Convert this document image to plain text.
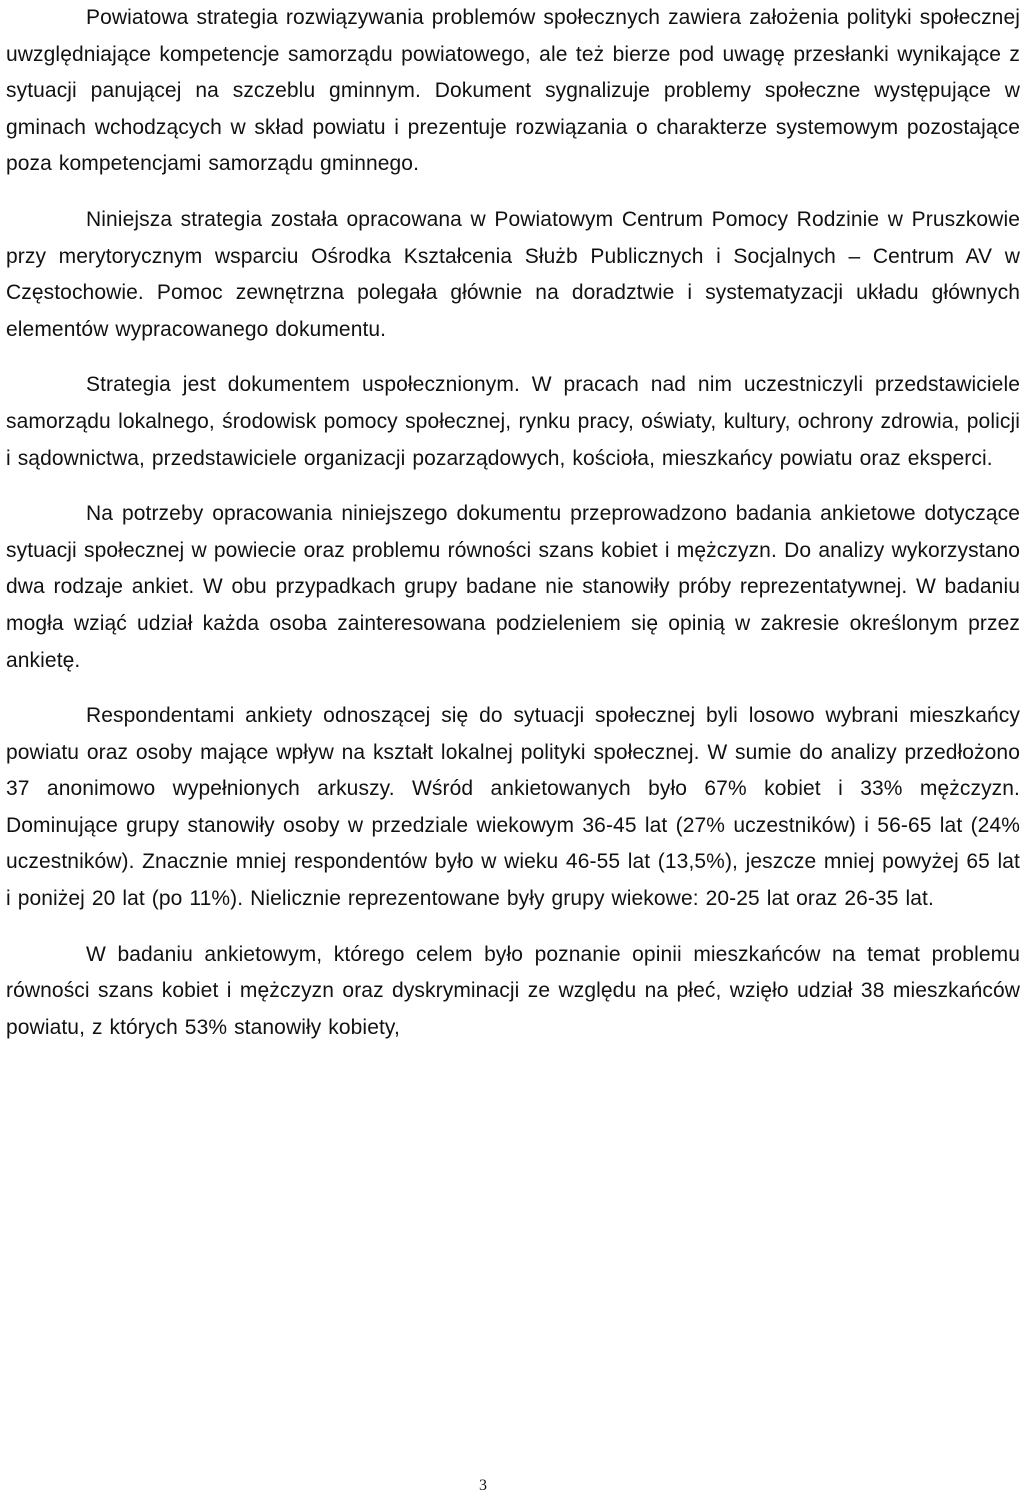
Powiatowa strategia rozwiązywania problemów społecznych zawiera założenia polityki społecznej uwzględniające kompetencje samorządu powiatowego, ale też bierze pod uwagę przesłanki wynikające z sytuacji panującej na szczeblu gminnym. Dokument sygnalizuje problemy społeczne występujące w gminach wchodzących w skład powiatu i prezentuje rozwiązania o charakterze systemowym pozostające poza kompetencjami samorządu gminnego.

Niniejsza strategia została opracowana w Powiatowym Centrum Pomocy Rodzinie w Pruszkowie przy merytorycznym wsparciu Ośrodka Kształcenia Służb Publicznych i Socjalnych – Centrum AV w Częstochowie. Pomoc zewnętrzna polegała głównie na doradztwie i systematyzacji układu głównych elementów wypracowanego dokumentu.

Strategia jest dokumentem uspołecznionym. W pracach nad nim uczestniczyli przedstawiciele samorządu lokalnego, środowisk pomocy społecznej, rynku pracy, oświaty, kultury, ochrony zdrowia, policji i sądownictwa, przedstawiciele organizacji pozarządowych, kościoła, mieszkańcy powiatu oraz eksperci.

Na potrzeby opracowania niniejszego dokumentu przeprowadzono badania ankietowe dotyczące sytuacji społecznej w powiecie oraz problemu równości szans kobiet i mężczyzn. Do analizy wykorzystano dwa rodzaje ankiet. W obu przypadkach grupy badane nie stanowiły próby reprezentatywnej. W badaniu mogła wziąć udział każda osoba zainteresowana podzieleniem się opinią w zakresie określonym przez ankietę.

Respondentami ankiety odnoszącej się do sytuacji społecznej byli losowo wybrani mieszkańcy powiatu oraz osoby mające wpływ na kształt lokalnej polityki społecznej. W sumie do analizy przedłożono 37 anonimowo wypełnionych arkuszy. Wśród ankietowanych było 67% kobiet i 33% mężczyzn. Dominujące grupy stanowiły osoby w przedziale wiekowym 36-45 lat (27% uczestników) i 56-65 lat (24% uczestników). Znacznie mniej respondentów było w wieku 46-55 lat (13,5%), jeszcze mniej powyżej 65 lat i poniżej 20 lat (po 11%). Nielicznie reprezentowane były grupy wiekowe: 20-25 lat oraz 26-35 lat.

W badaniu ankietowym, którego celem było poznanie opinii mieszkańców na temat problemu równości szans kobiet i mężczyzn oraz dyskryminacji ze względu na płeć, wzięło udział 38 mieszkańców powiatu, z których 53% stanowiły kobiety,

3
